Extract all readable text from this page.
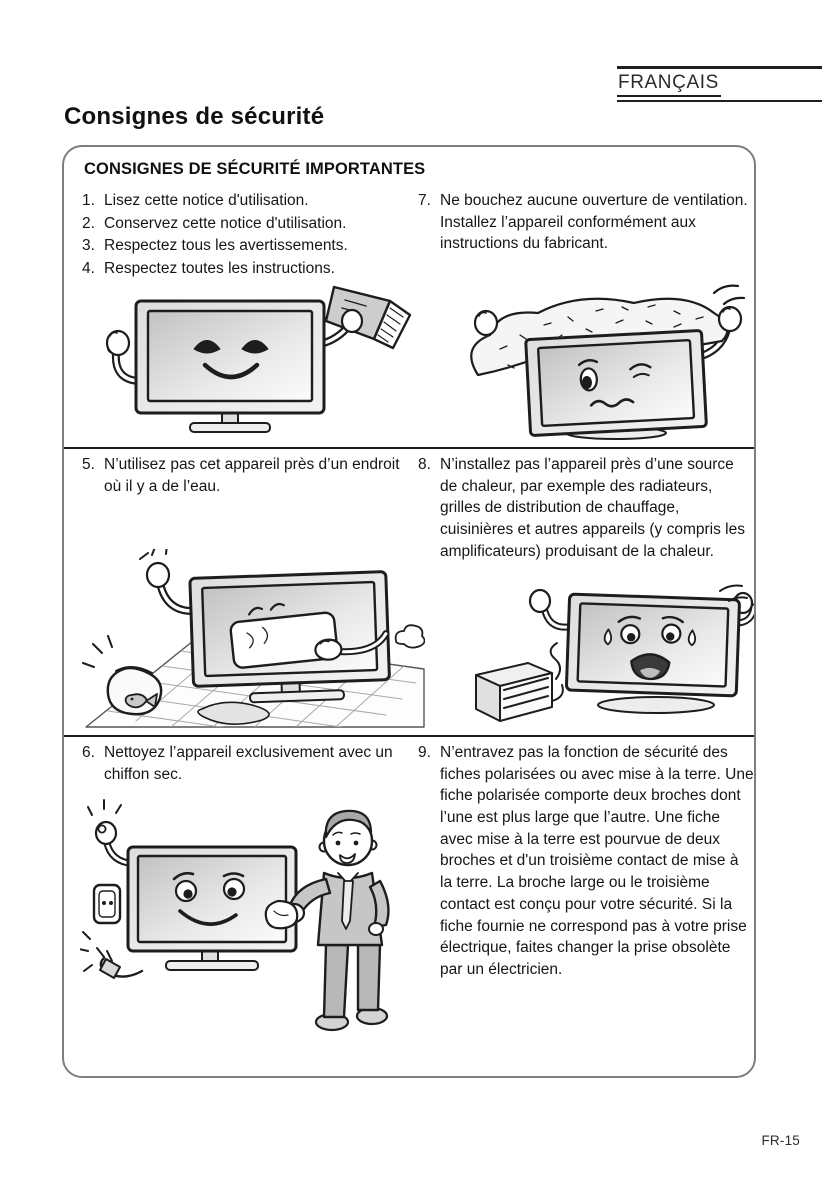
FRANÇAIS
Consignes de sécurité
CONSIGNES DE SÉCURITÉ IMPORTANTES
1. Lisez cette notice d'utilisation.
2. Conservez cette notice d'utilisation.
3. Respectez tous les avertissements.
4. Respectez toutes les instructions.
7. Ne bouchez aucune ouverture de ventilation. Installez l’appareil conformément aux instructions du fabricant.
5. N’utilisez pas cet appareil près d’un endroit où il y a de l’eau.
8. N’installez pas l’appareil près d’une source de chaleur, par exemple des radiateurs, grilles de distribution de chauffage, cuisinières et autres appareils (y compris les amplificateurs) produisant de la chaleur.
6. Nettoyez l’appareil exclusivement avec un chiffon sec.
9. N’entravez pas la fonction de sécurité des fiches polarisées ou avec mise à la terre. Une fiche polarisée comporte deux broches dont l’une est plus large que l’autre. Une fiche avec mise à la terre est pourvue de deux broches et d'un troisième contact de mise à la terre. La broche large ou le troisième contact est conçu pour votre sécurité. Si la fiche fournie ne correspond pas à votre prise électrique, faites changer la prise obsolète par un électricien.
FR-15
